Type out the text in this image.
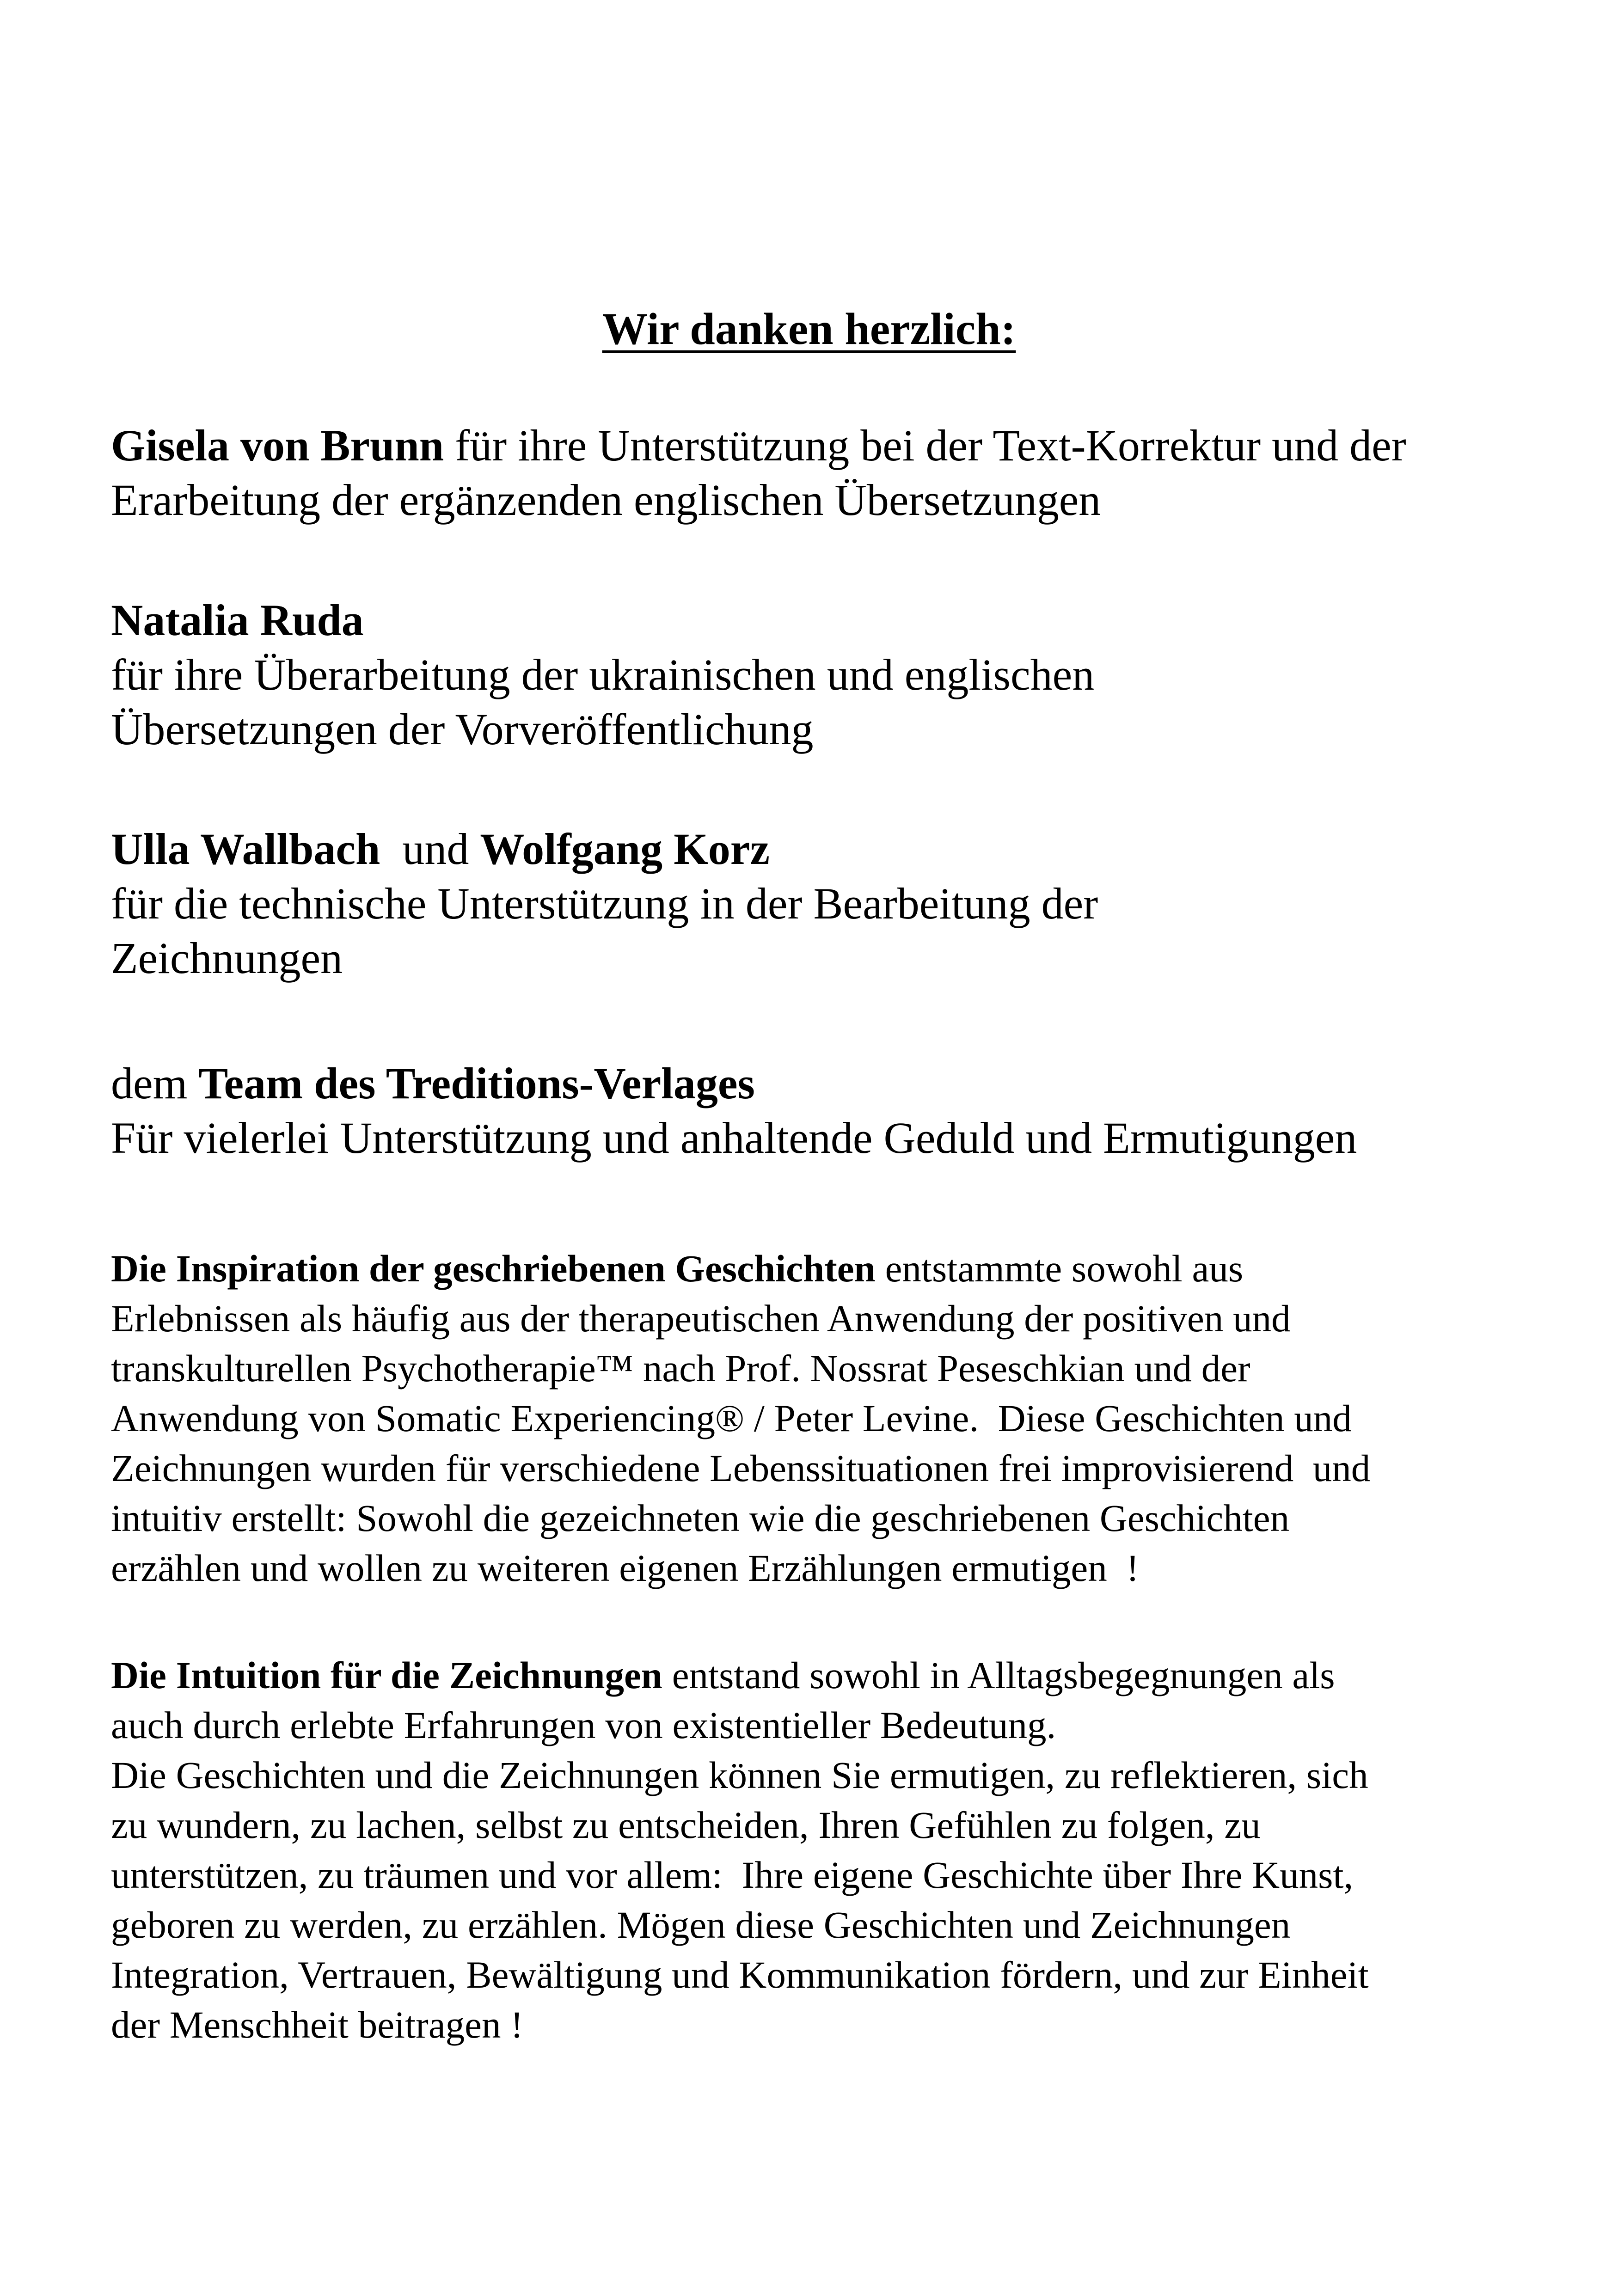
Wir danken herzlich:
Gisela von Brunn für ihre Unterstützung bei der Text-Korrektur und der
Erarbeitung der ergänzenden englischen Übersetzungen
Natalia Ruda
für ihre Überarbeitung der ukrainischen und englischen
Übersetzungen der Vorveröffentlichung
Ulla Wallbach  und Wolfgang Korz
für die technische Unterstützung in der Bearbeitung der
Zeichnungen
dem Team des Treditions-Verlages
Für vielerlei Unterstützung und anhaltende Geduld und Ermutigungen
Die Inspiration der geschriebenen Geschichten entstammte sowohl aus
Erlebnissen als häufig aus der therapeutischen Anwendung der positiven und
transkulturellen Psychotherapie™ nach Prof. Nossrat Peseschkian und der
Anwendung von Somatic Experiencing® / Peter Levine.  Diese Geschichten und
Zeichnungen wurden für verschiedene Lebenssituationen frei improvisierend  und
intuitiv erstellt: Sowohl die gezeichneten wie die geschriebenen Geschichten
erzählen und wollen zu weiteren eigenen Erzählungen ermutigen  !
Die Intuition für die Zeichnungen entstand sowohl in Alltagsbegegnungen als
auch durch erlebte Erfahrungen von existentieller Bedeutung.
Die Geschichten und die Zeichnungen können Sie ermutigen, zu reflektieren, sich
zu wundern, zu lachen, selbst zu entscheiden, Ihren Gefühlen zu folgen, zu
unterstützen, zu träumen und vor allem:  Ihre eigene Geschichte über Ihre Kunst,
geboren zu werden, zu erzählen. Mögen diese Geschichten und Zeichnungen
Integration, Vertrauen, Bewältigung und Kommunikation fördern, und zur Einheit
der Menschheit beitragen !
